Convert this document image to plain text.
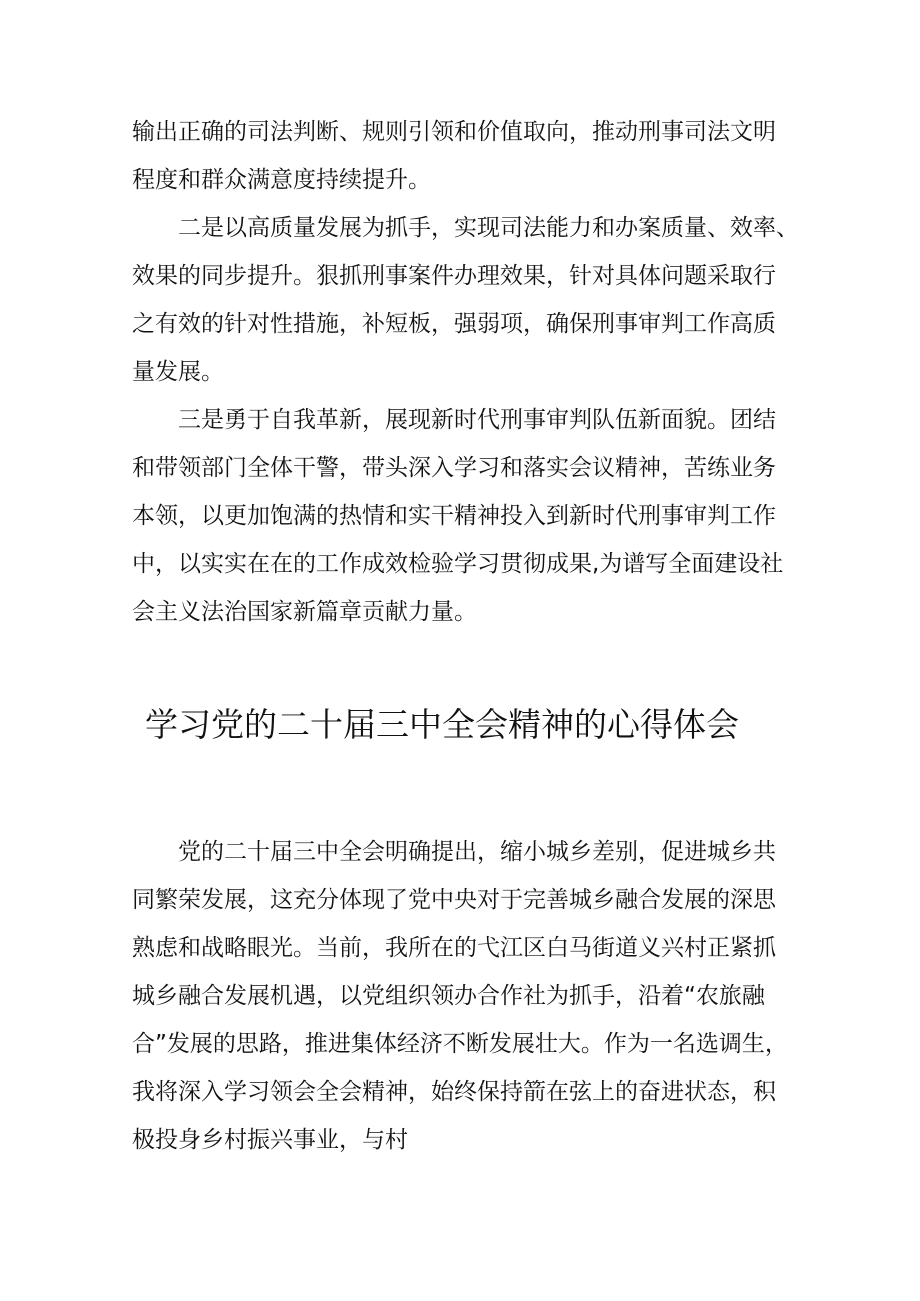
输出正确的司法判断、规则引领和价值取向，推动刑事司法文明
程度和群众满意度持续提升。
　　二是以高质量发展为抓手，实现司法能力和办案质量、效率、
效果的同步提升。狠抓刑事案件办理效果，针对具体问题采取行
之有效的针对性措施，补短板，强弱项，确保刑事审判工作高质
量发展。
　　三是勇于自我革新，展现新时代刑事审判队伍新面貌。团结
和带领部门全体干警，带头深入学习和落实会议精神，苦练业务
本领，以更加饱满的热情和实干精神投入到新时代刑事审判工作
中，以实实在在的工作成效检验学习贯彻成果,为谱写全面建设社
会主义法治国家新篇章贡献力量。
学习党的二十届三中全会精神的心得体会
　　党的二十届三中全会明确提出，缩小城乡差别，促进城乡共
同繁荣发展，这充分体现了党中央对于完善城乡融合发展的深思
熟虑和战略眼光。当前，我所在的弋江区白马街道义兴村正紧抓
城乡融合发展机遇，以党组织领办合作社为抓手，沿着“农旅融
合”发展的思路，推进集体经济不断发展壮大。作为一名选调生，
我将深入学习领会全会精神，始终保持箭在弦上的奋进状态，积
极投身乡村振兴事业，与村
